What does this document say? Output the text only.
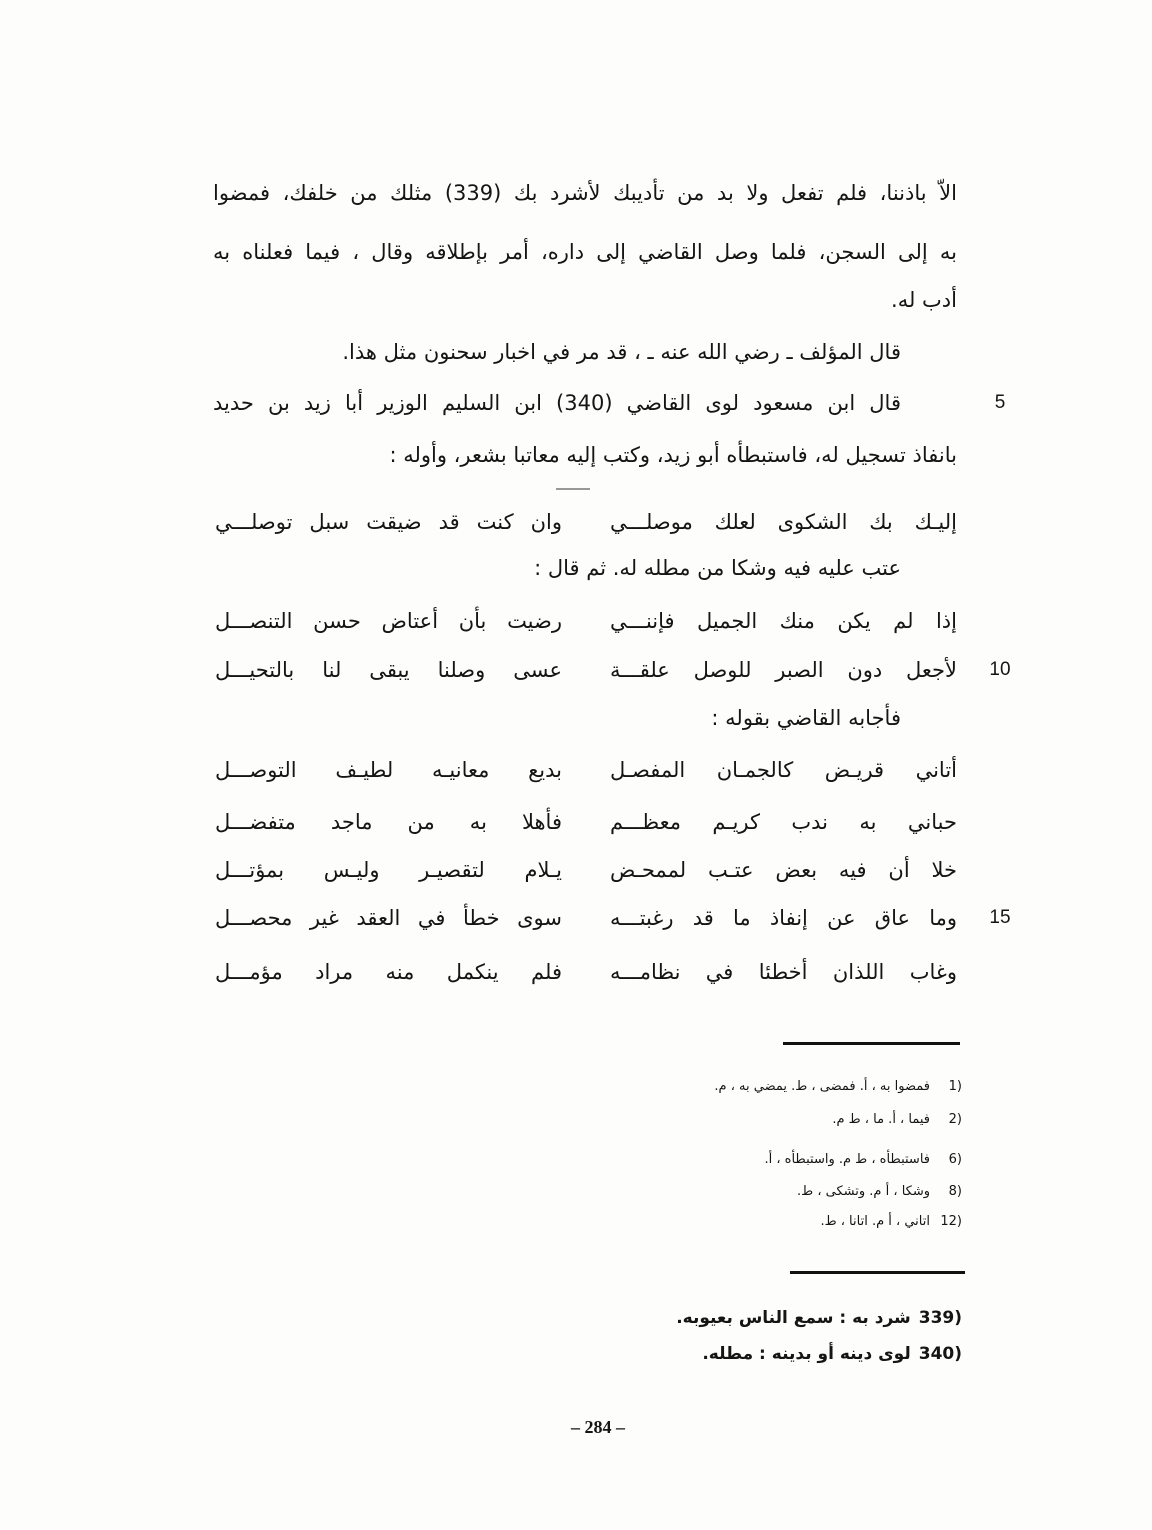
الاّ باذننا، فلم تفعل ولا بد من تأديبك لأشرد بك (339) مثلك من خلفك، فمضوا
به إلى السجن، فلما وصل القاضي إلى داره، أمر بإطلاقه وقال ، فيما فعلناه به
أدب له.
قال المؤلف ـ رضي الله عنه ـ ، قد مر في اخبار سحنون مثل هذا.
قال ابن مسعود لوى القاضي (340) ابن السليم الوزير أبا زيد بن حديد
بانفاذ تسجيل له، فاستبطأه أبو زيد، وكتب إليه معاتبا بشعر، وأوله :
إليـك بك الشكوى لعلك موصلـــي
وان كنت قد ضيقت سبل توصلـــي
عتب عليه فيه وشكا من مطله له. ثم قال :
إذا لم يكن منك الجميل فإننـــي
رضيت بأن أعتاض حسن التنصـــل
لأجعل دون الصبر للوصل علقـــة
عسى وصلنا يبقى لنا بالتحيـــل
فأجابه القاضي بقوله :
أتاني قريـض كالجمـان المفصـل
بديع معانيـه لطيـف التوصـــل
حباني به ندب كريـم معظـــم
فأهلا به من ماجد متفضـــل
خلا أن فيه بعض عتـب لممحـض
يـلام لتقصيـر وليـس بمؤتـــل
وما عاق عن إنفاذ ما قد رغبتـــه
سوى خطأ في العقد غير محصـــل
وغاب اللذان أخطئا في نظامـــه
فلم ينكمل منه مراد مؤمـــل
5
10
15
1)
فمضوا به ، أ. فمضى ، ط. يمضي به ، م.
2)
فيما ، أ. ما ، ط م.
6)
فاستبطأه ، ط م. واستبطأه ، أ.
8)
وشكا ، أ م. وتشكى ، ط.
12)
اتاني ، أ م. اتانا ، ط.
339)
شرد به : سمع الناس بعيوبه.
340)
لوى دينه أو بدينه : مطله.
– 284 –
